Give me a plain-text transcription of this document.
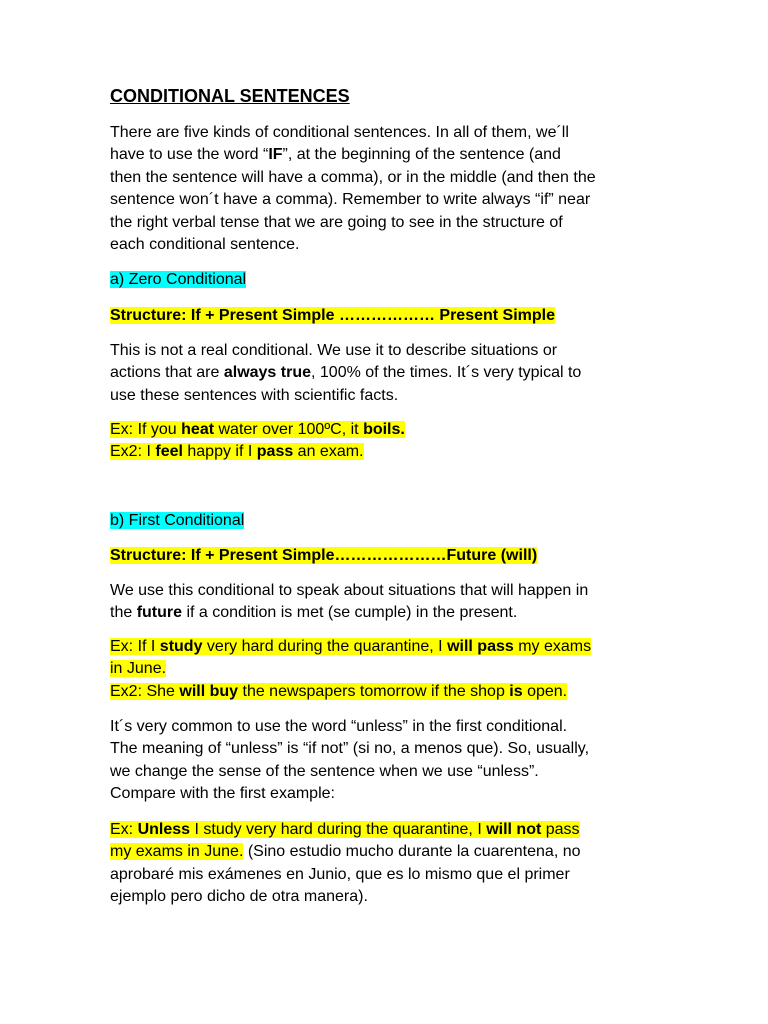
CONDITIONAL SENTENCES
There are five kinds of conditional sentences. In all of them, we´ll
have to use the word “IF”, at the beginning of the sentence (and
then the sentence will have a comma), or in the middle (and then the
sentence won´t have a comma). Remember to write always “if” near
the right verbal tense that we are going to see in the structure of
each conditional sentence.
a) Zero Conditional
Structure: If + Present Simple ……………… Present Simple
This is not a real conditional. We use it to describe situations or
actions that are always true, 100% of the times. It´s very typical to
use these sentences with scientific facts.
Ex: If you heat water over 100ºC, it boils.
Ex2: I feel happy if I pass an exam.
b) First Conditional
Structure: If + Present Simple…………………Future (will)
We use this conditional to speak about situations that will happen in
the future if a condition is met (se cumple) in the present.
Ex: If I study very hard during the quarantine, I will pass my exams
in June.
Ex2: She will buy the newspapers tomorrow if the shop is open.
It´s very common to use the word “unless” in the first conditional.
The meaning of “unless” is “if not” (si no, a menos que). So, usually,
we change the sense of the sentence when we use “unless”.
Compare with the first example:
Ex: Unless I study very hard during the quarantine, I will not pass
my exams in June. (Sino estudio mucho durante la cuarentena, no
aprobaré mis exámenes en Junio, que es lo mismo que el primer
ejemplo pero dicho de otra manera).
